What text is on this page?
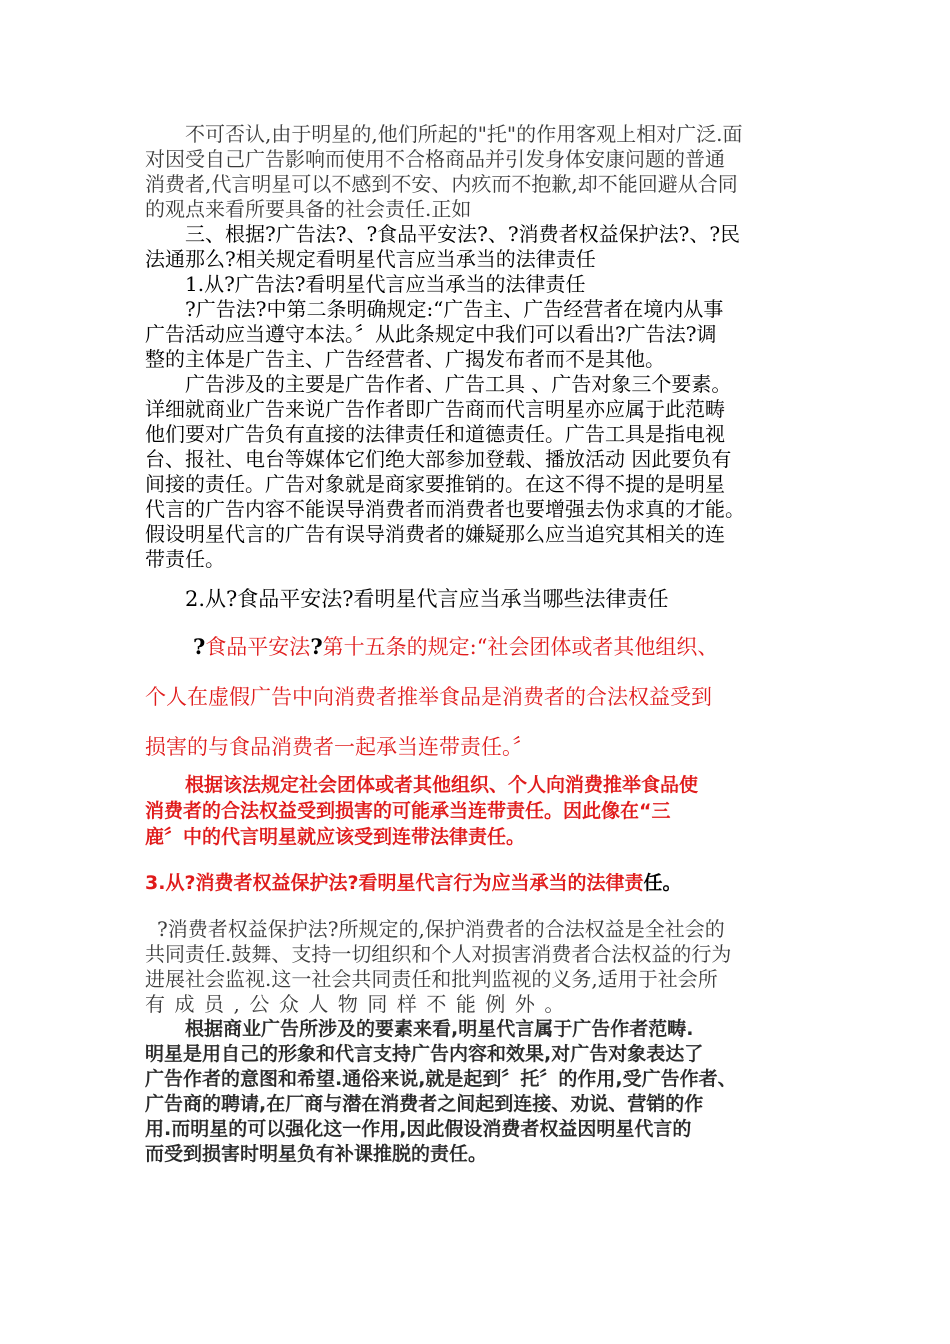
不可否认,由于明星的,他们所起的"托"的作用客观上相对广泛.面
对因受自己广告影响而使用不合格商品并引发身体安康问题的普通
消费者,代言明星可以不感到不安、内疚而不抱歉,却不能回避从合同
的观点来看所要具备的社会责任.正如
三、根据?广告法?、?食品平安法?、?消费者权益保护法?、?民
法通那么?相关规定看明星代言应当承当的法律责任
1.从?广告法?看明星代言应当承当的法律责任
?广告法?中第二条明确规定:“广告主、广告经营者在境内从事
广告活动应当遵守本法。〞从此条规定中我们可以看出?广告法?调
整的主体是广告主、广告经营者、广揭发布者而不是其他。
广告涉及的主要是广告作者、广告工具 、广告对象三个要素。
详细就商业广告来说广告作者即广告商而代言明星亦应属于此范畴
他们要对广告负有直接的法律责任和道德责任。广告工具是指电视
台、报社、电台等媒体它们绝大部参加登载、播放活动 因此要负有
间接的责任。广告对象就是商家要推销的。在这不得不提的是明星
代言的广告内容不能误导消费者而消费者也要增强去伪求真的才能。
假设明星代言的广告有误导消费者的嫌疑那么应当追究其相关的连
带责任。
2.从?食品平安法?看明星代言应当承当哪些法律责任
?食品平安法?第十五条的规定:“社会团体或者其他组织、
个人在虚假广告中向消费者推举食品是消费者的合法权益受到
损害的与食品消费者一起承当连带责任。〞
根据该法规定社会团体或者其他组织、个人向消费推举食品使
消费者的合法权益受到损害的可能承当连带责任。因此像在“三
鹿〞中的代言明星就应该受到连带法律责任。
3.从?消费者权益保护法?看明星代言行为应当承当的法律责任。
?消费者权益保护法?所规定的,保护消费者的合法权益是全社会的
共同责任.鼓舞、支持一切组织和个人对损害消费者合法权益的行为
进展社会监视.这一社会共同责任和批判监视的义务,适用于社会所
有成员,公众人物同样不能例外。
根据商业广告所涉及的要素来看,明星代言属于广告作者范畴.
明星是用自己的形象和代言支持广告内容和效果,对广告对象表达了
广告作者的意图和希望.通俗来说,就是起到〞托〞的作用,受广告作者、
广告商的聘请,在厂商与潜在消费者之间起到连接、劝说、营销的作
用.而明星的可以强化这一作用,因此假设消费者权益因明星代言的
而受到损害时明星负有补课推脱的责任。
